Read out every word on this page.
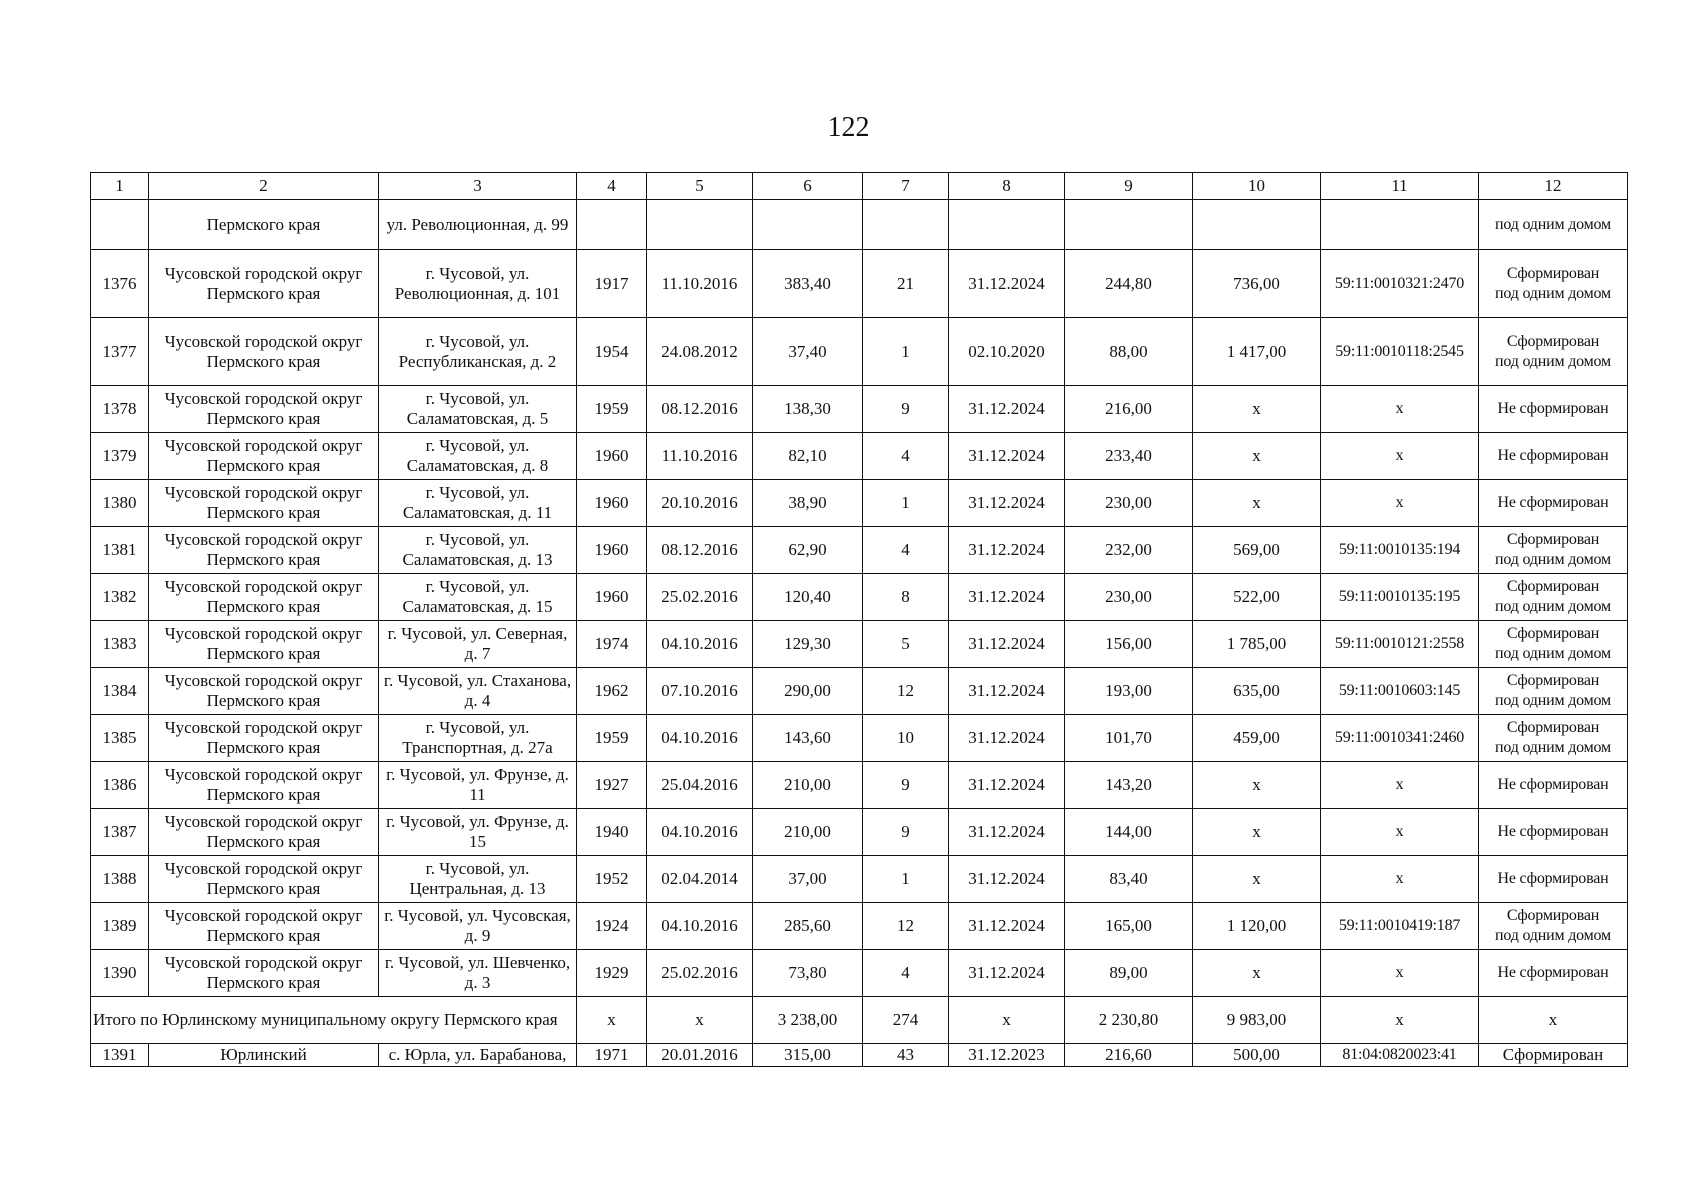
122
1	2	3	4	5	6	7	8	9	10	11	12
	Пермского края	ул. Революционная, д. 99									под одним домом
1376	Чусовской городской округ Пермского края	г. Чусовой, ул. Революционная, д. 101	1917	11.10.2016	383,40	21	31.12.2024	244,80	736,00	59:11:0010321:2470	Сформирован
под одним домом

1377	Чусовской городской округ Пермского края	г. Чусовой, ул. Республиканская, д. 2	1954	24.08.2012	37,40	1	02.10.2020	88,00	1 417,00	59:11:0010118:2545	Сформирован
под одним домом

1378	Чусовской городской округ Пермского края	г. Чусовой, ул. Саламатовская, д. 5	1959	08.12.2016	138,30	9	31.12.2024	216,00	x	x	Не сформирован

1379	Чусовской городской округ Пермского края	г. Чусовой, ул. Саламатовская, д. 8	1960	11.10.2016	82,10	4	31.12.2024	233,40	x	x	Не сформирован

1380	Чусовской городской округ Пермского края	г. Чусовой, ул. Саламатовская, д. 11	1960	20.10.2016	38,90	1	31.12.2024	230,00	x	x	Не сформирован

1381	Чусовской городской округ Пермского края	г. Чусовой, ул. Саламатовская, д. 13	1960	08.12.2016	62,90	4	31.12.2024	232,00	569,00	59:11:0010135:194	Сформирован
под одним домом

1382	Чусовской городской округ Пермского края	г. Чусовой, ул. Саламатовская, д. 15	1960	25.02.2016	120,40	8	31.12.2024	230,00	522,00	59:11:0010135:195	Сформирован
под одним домом

1383	Чусовской городской округ Пермского края	г. Чусовой, ул. Северная, д. 7	1974	04.10.2016	129,30	5	31.12.2024	156,00	1 785,00	59:11:0010121:2558	Сформирован
под одним домом

1384	Чусовской городской округ Пермского края	г. Чусовой, ул. Стаханова, д. 4	1962	07.10.2016	290,00	12	31.12.2024	193,00	635,00	59:11:0010603:145	Сформирован
под одним домом

1385	Чусовской городской округ Пермского края	г. Чусовой, ул. Транспортная, д. 27а	1959	04.10.2016	143,60	10	31.12.2024	101,70	459,00	59:11:0010341:2460	Сформирован
под одним домом

1386	Чусовской городской округ Пермского края	г. Чусовой, ул. Фрунзе, д. 11	1927	25.04.2016	210,00	9	31.12.2024	143,20	x	x	Не сформирован

1387	Чусовской городской округ Пермского края	г. Чусовой, ул. Фрунзе, д. 15	1940	04.10.2016	210,00	9	31.12.2024	144,00	x	x	Не сформирован

1388	Чусовской городской округ Пермского края	г. Чусовой, ул. Центральная, д. 13	1952	02.04.2014	37,00	1	31.12.2024	83,40	x	x	Не сформирован

1389	Чусовской городской округ Пермского края	г. Чусовой, ул. Чусовская, д. 9	1924	04.10.2016	285,60	12	31.12.2024	165,00	1 120,00	59:11:0010419:187	Сформирован
под одним домом

1390	Чусовской городской округ Пермского края	г. Чусовой, ул. Шевченко, д. 3	1929	25.02.2016	73,80	4	31.12.2024	89,00	x	x	Не сформирован

Итого по Юрлинскому муниципальному округу Пермского края			x	x	3 238,00	274	x	2 230,80	9 983,00	x	x
1391	Юрлинский	с. Юрла, ул. Барабанова,	1971	20.01.2016	315,00	43	31.12.2023	216,60	500,00	81:04:0820023:41	Сформирован
